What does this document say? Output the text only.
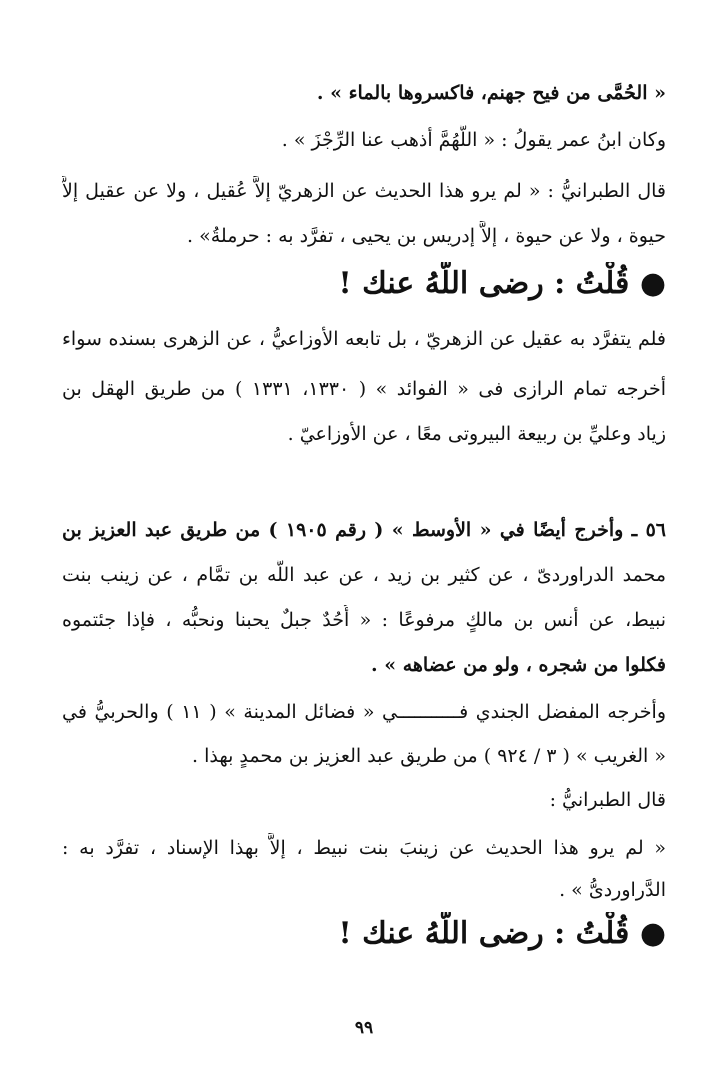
« الحُمَّى من فيح جهنم، فاكسروها بالماء » .
وكان ابنُ عمر يقولُ : « اللَّهُمَّ أذهب عنا الرِّجْزَ » .
قال الطبرانيُّ : « لم يرو هذا الحديث عن الزهريّ إلاَّ عُقيل ، ولا عن عقيل إلاَّ
حيوة ، ولا عن حيوة ، إلاَّ إدريس بن يحيى ، تفرَّد به : حرملةُ» .
● قُلْتُ : رضى اللَّهُ عنك !
فلم يتفرَّد به عقيل عن الزهريّ ، بل تابعه الأوزاعيُّ ، عن الزهرى بسنده سواء
أخرجه تمام الرازى فى « الفوائد » ( ١٣٣٠، ١٣٣١ ) من طريق الهقل بن
زياد وعليِّ بن ربيعة البيروتى معًا ، عن الأوزاعيّ .
٥٦ ـ وأخرج أيضًا في « الأوسط » ( رقم ١٩٠٥ ) من طريق عبد العزيز بن
محمد الدراوردىّ ، عن كثير بن زيد ، عن عبد اللَّه بن تمَّام ، عن زينب بنت
نبيط، عن أنس بن مالكٍ مرفوعًا : « أُحُدٌ جبلٌ يحبنا ونحبُّه ، فإذا جئتموه
فكلوا من شجره ، ولو من عضاهه » .
وأخرجه المفضل الجندي فـــــــــــي « فضائل المدينة » ( ١١ ) والحربيُّ في
« الغريب » ( ٣ / ٩٢٤ ) من طريق عبد العزيز بن محمدٍ بهذا .
قال الطبرانيُّ :
« لم يرو هذا الحديث عن زينبَ بنت نبيط ، إلاَّ بهذا الإسناد ، تفرَّد به :
الدَّراوردىُّ » .
● قُلْتُ : رضى اللَّهُ عنك !
٩٩
